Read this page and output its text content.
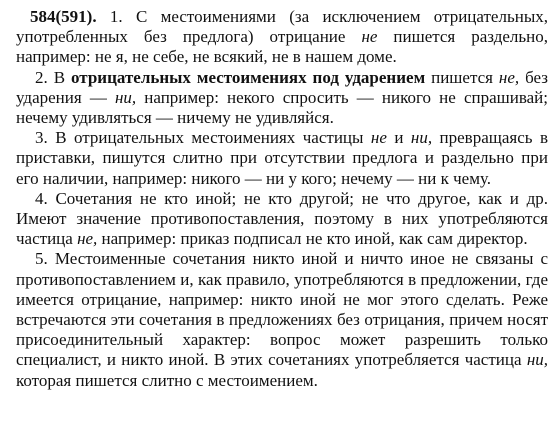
584(591). 1. С местоимениями (за исключением отрицательных, употребленных без предлога) отрицание не пишется раздельно, например: не я, не себе, не всякий, не в нашем доме.

2. В отрицательных местоимениях под ударением пишется не, без ударения — ни, например: некого спросить — никого не спрашивай; нечему удивляться — ничему не удивляйся.

3. В отрицательных местоимениях частицы не и ни, превращаясь в приставки, пишутся слитно при отсутствии предлога и раздельно при его наличии, например: никого — ни у кого; нечему — ни к чему.

4. Сочетания не кто иной; не кто другой; не что другое, как и др. Имеют значение противопоставления, поэтому в них употребляются частица не, например: приказ подписал не кто иной, как сам директор.

5. Местоименные сочетания никто иной и ничто иное не связаны с противопоставлением и, как правило, употребляются в предложении, где имеется отрицание, например: никто иной не мог этого сделать. Реже встречаются эти сочетания в предложениях без отрицания, причем носят присоединительный характер: вопрос может разрешить только специалист, и никто иной. В этих сочетаниях употребляется частица ни, которая пишется слитно с местоимением.
